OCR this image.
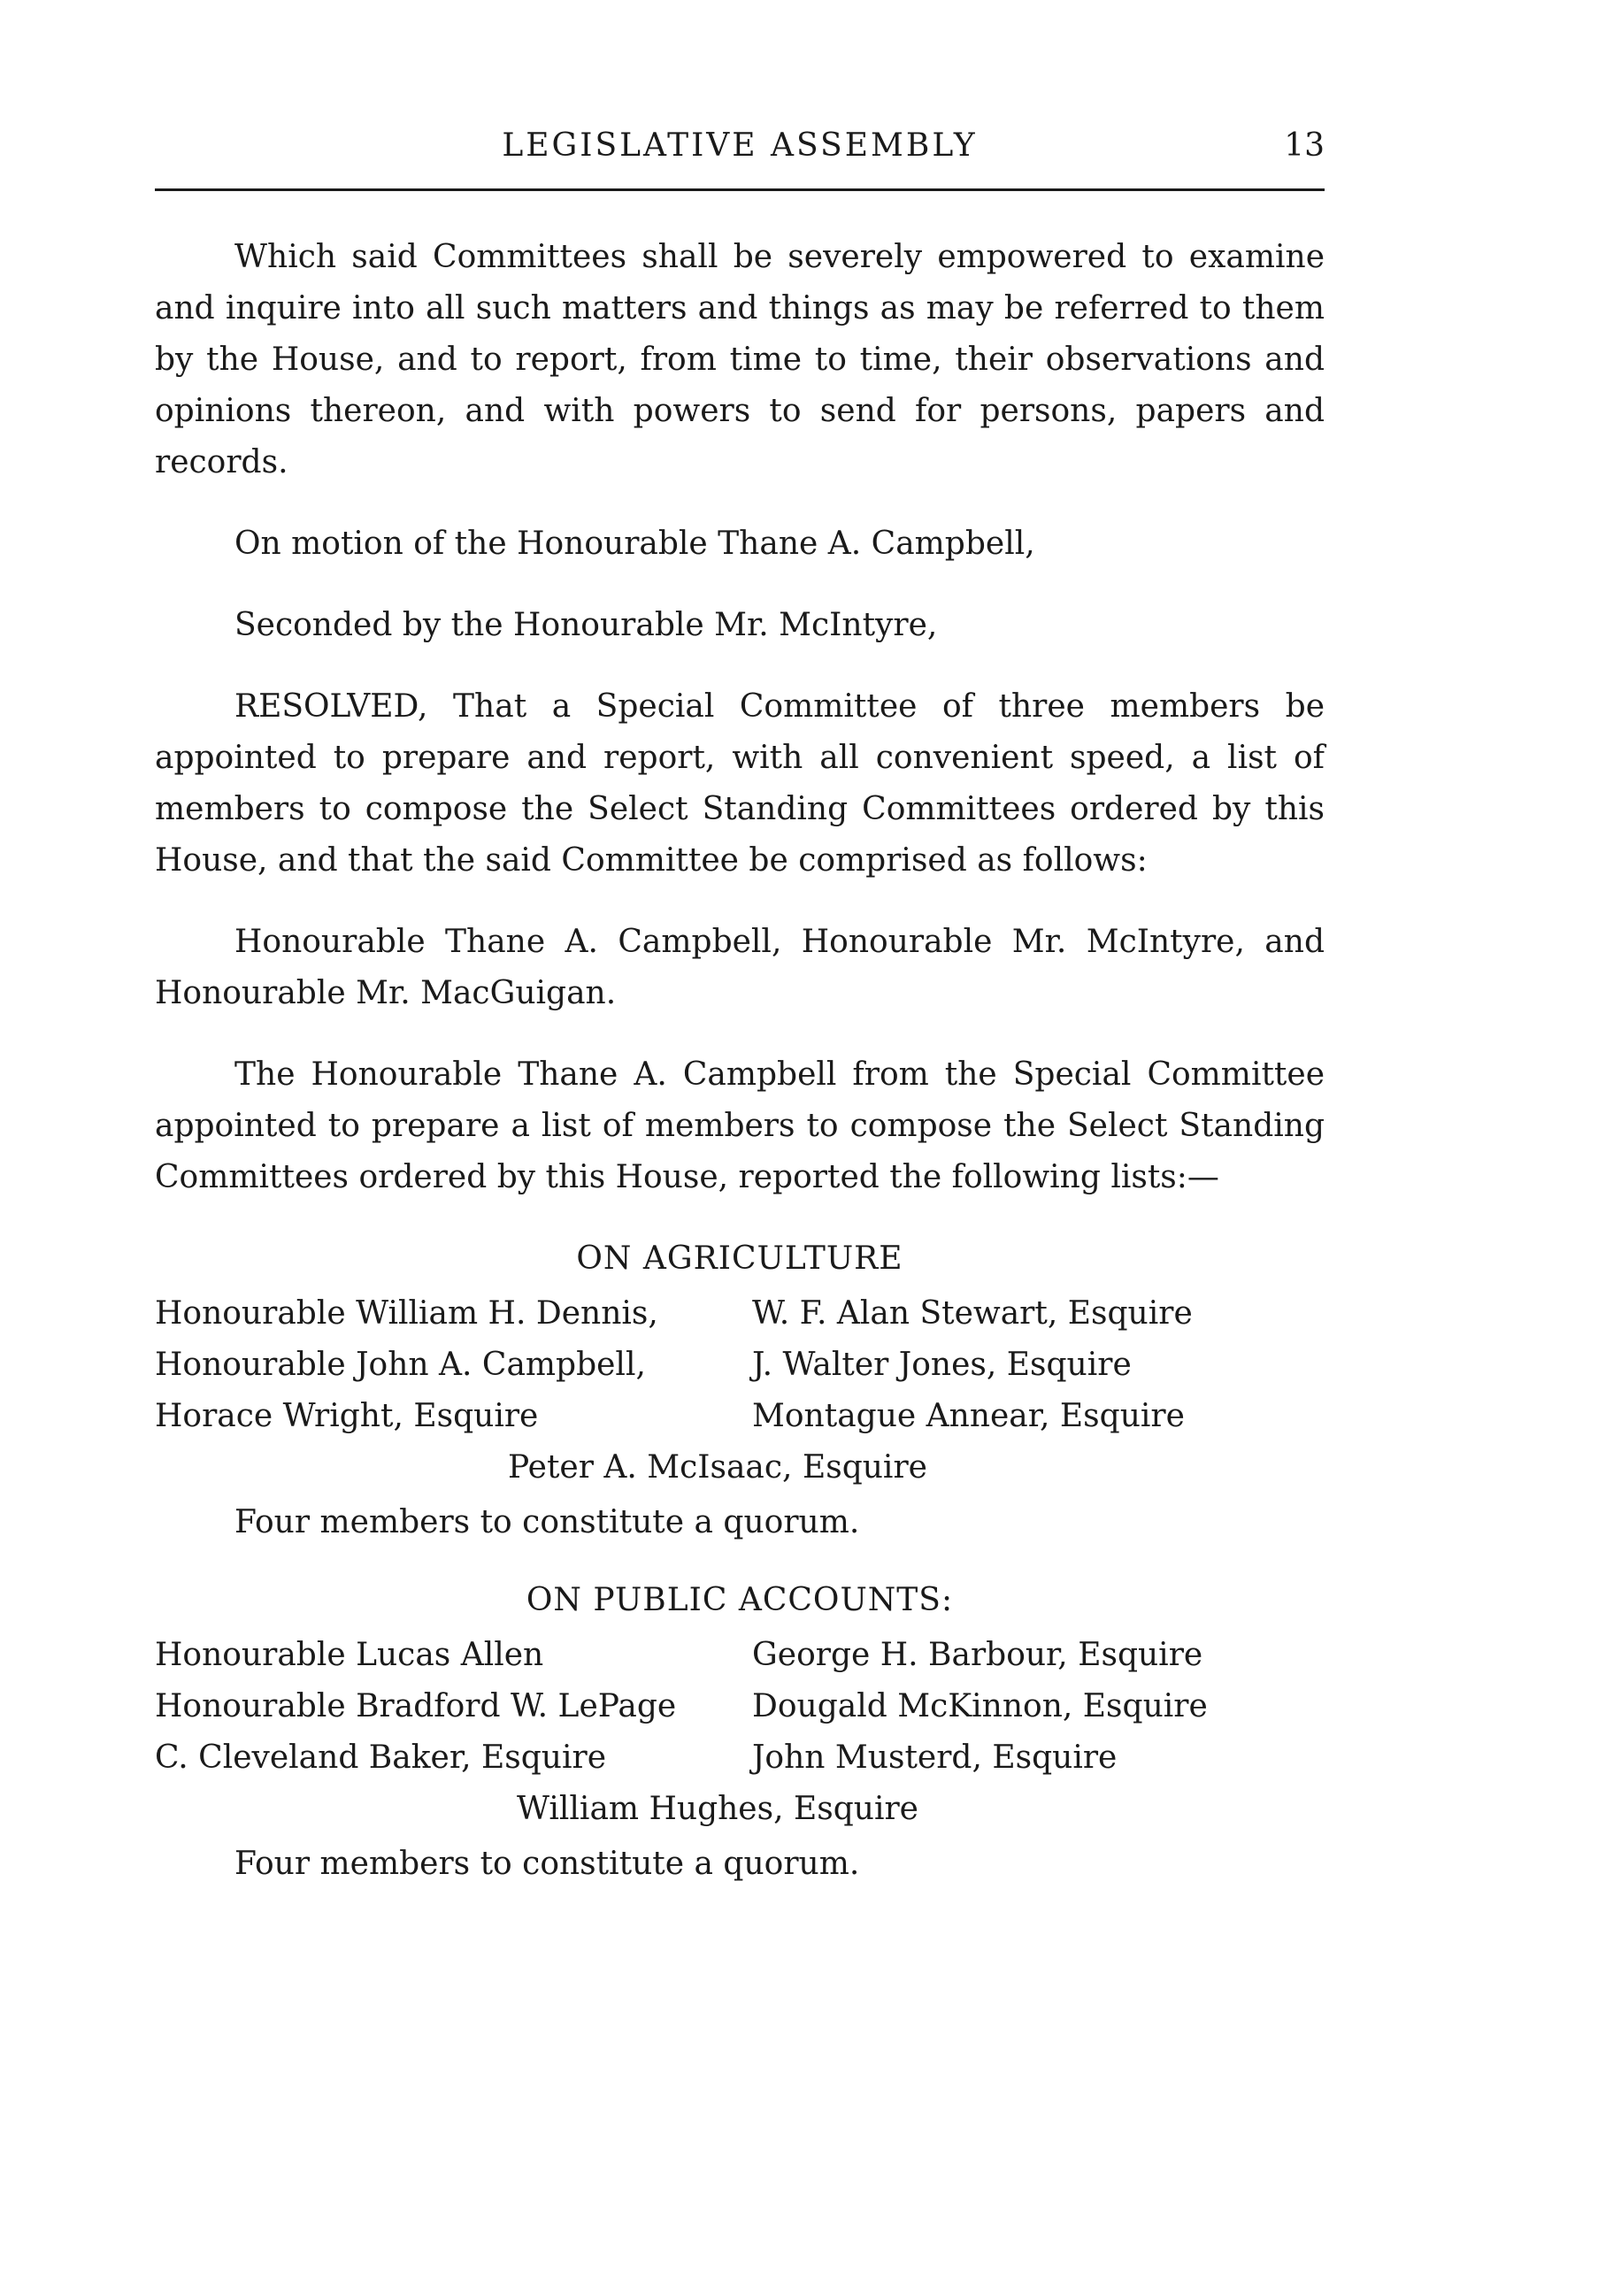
LEGISLATIVE ASSEMBLY	13

Which said Committees shall be severely empowered to examine and inquire into all such matters and things as may be referred to them by the House, and to report, from time to time, their observations and opinions thereon, and with powers to send for persons, papers and records.

On motion of the Honourable Thane A. Campbell,

Seconded by the Honourable Mr. McIntyre,

RESOLVED, That a Special Committee of three members be appointed to prepare and report, with all convenient speed, a list of members to compose the Select Standing Committees ordered by this House, and that the said Committee be comprised as follows:

Honourable Thane A. Campbell, Honourable Mr. McIntyre, and Honourable Mr. MacGuigan.

The Honourable Thane A. Campbell from the Special Committee appointed to prepare a list of members to compose the Select Standing Committees ordered by this House, reported the following lists:—

ON AGRICULTURE
Honourable William H. Dennis,	W. F. Alan Stewart, Esquire
Honourable John A. Campbell,	J. Walter Jones, Esquire
Horace Wright, Esquire	Montague Annear, Esquire
Peter A. McIsaac, Esquire
Four members to constitute a quorum.
ON PUBLIC ACCOUNTS:
Honourable Lucas Allen	George H. Barbour, Esquire
Honourable Bradford W. LePage	Dougald McKinnon, Esquire
C. Cleveland Baker, Esquire	John Musterd, Esquire
William Hughes, Esquire
Four members to constitute a quorum.
